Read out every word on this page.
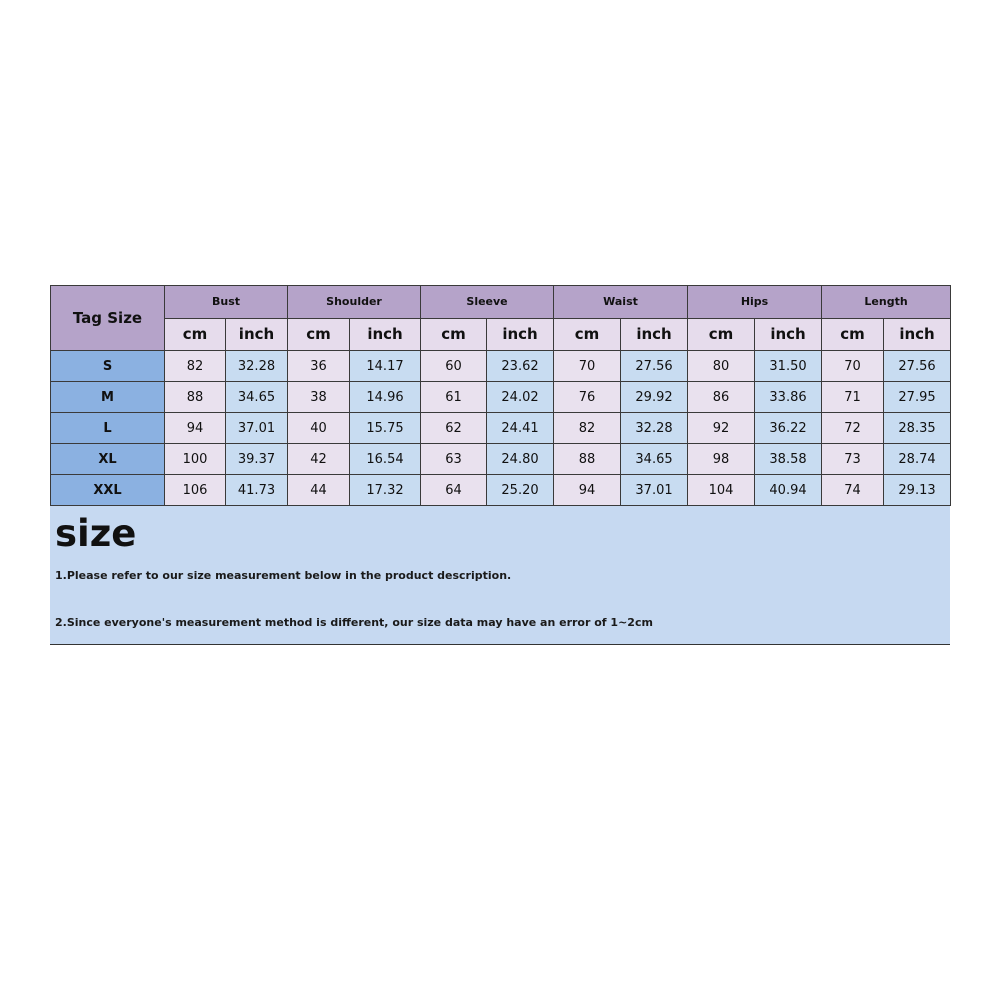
Tag Size	Bust		Shoulder		Sleeve		Waist		Hips		Length	
	cm	inch	cm	inch	cm	inch	cm	inch	cm	inch	cm	inch
S	82	32.28	36	14.17	60	23.62	70	27.56	80	31.50	70	27.56
M	88	34.65	38	14.96	61	24.02	76	29.92	86	33.86	71	27.95
L	94	37.01	40	15.75	62	24.41	82	32.28	92	36.22	72	28.35
XL	100	39.37	42	16.54	63	24.80	88	34.65	98	38.58	73	28.74
XXL	106	41.73	44	17.32	64	25.20	94	37.01	104	40.94	74	29.13
size
1.Please refer to our size measurement below in the product description.
2.Since everyone's measurement method is different, our size data may have an error of 1~2cm
